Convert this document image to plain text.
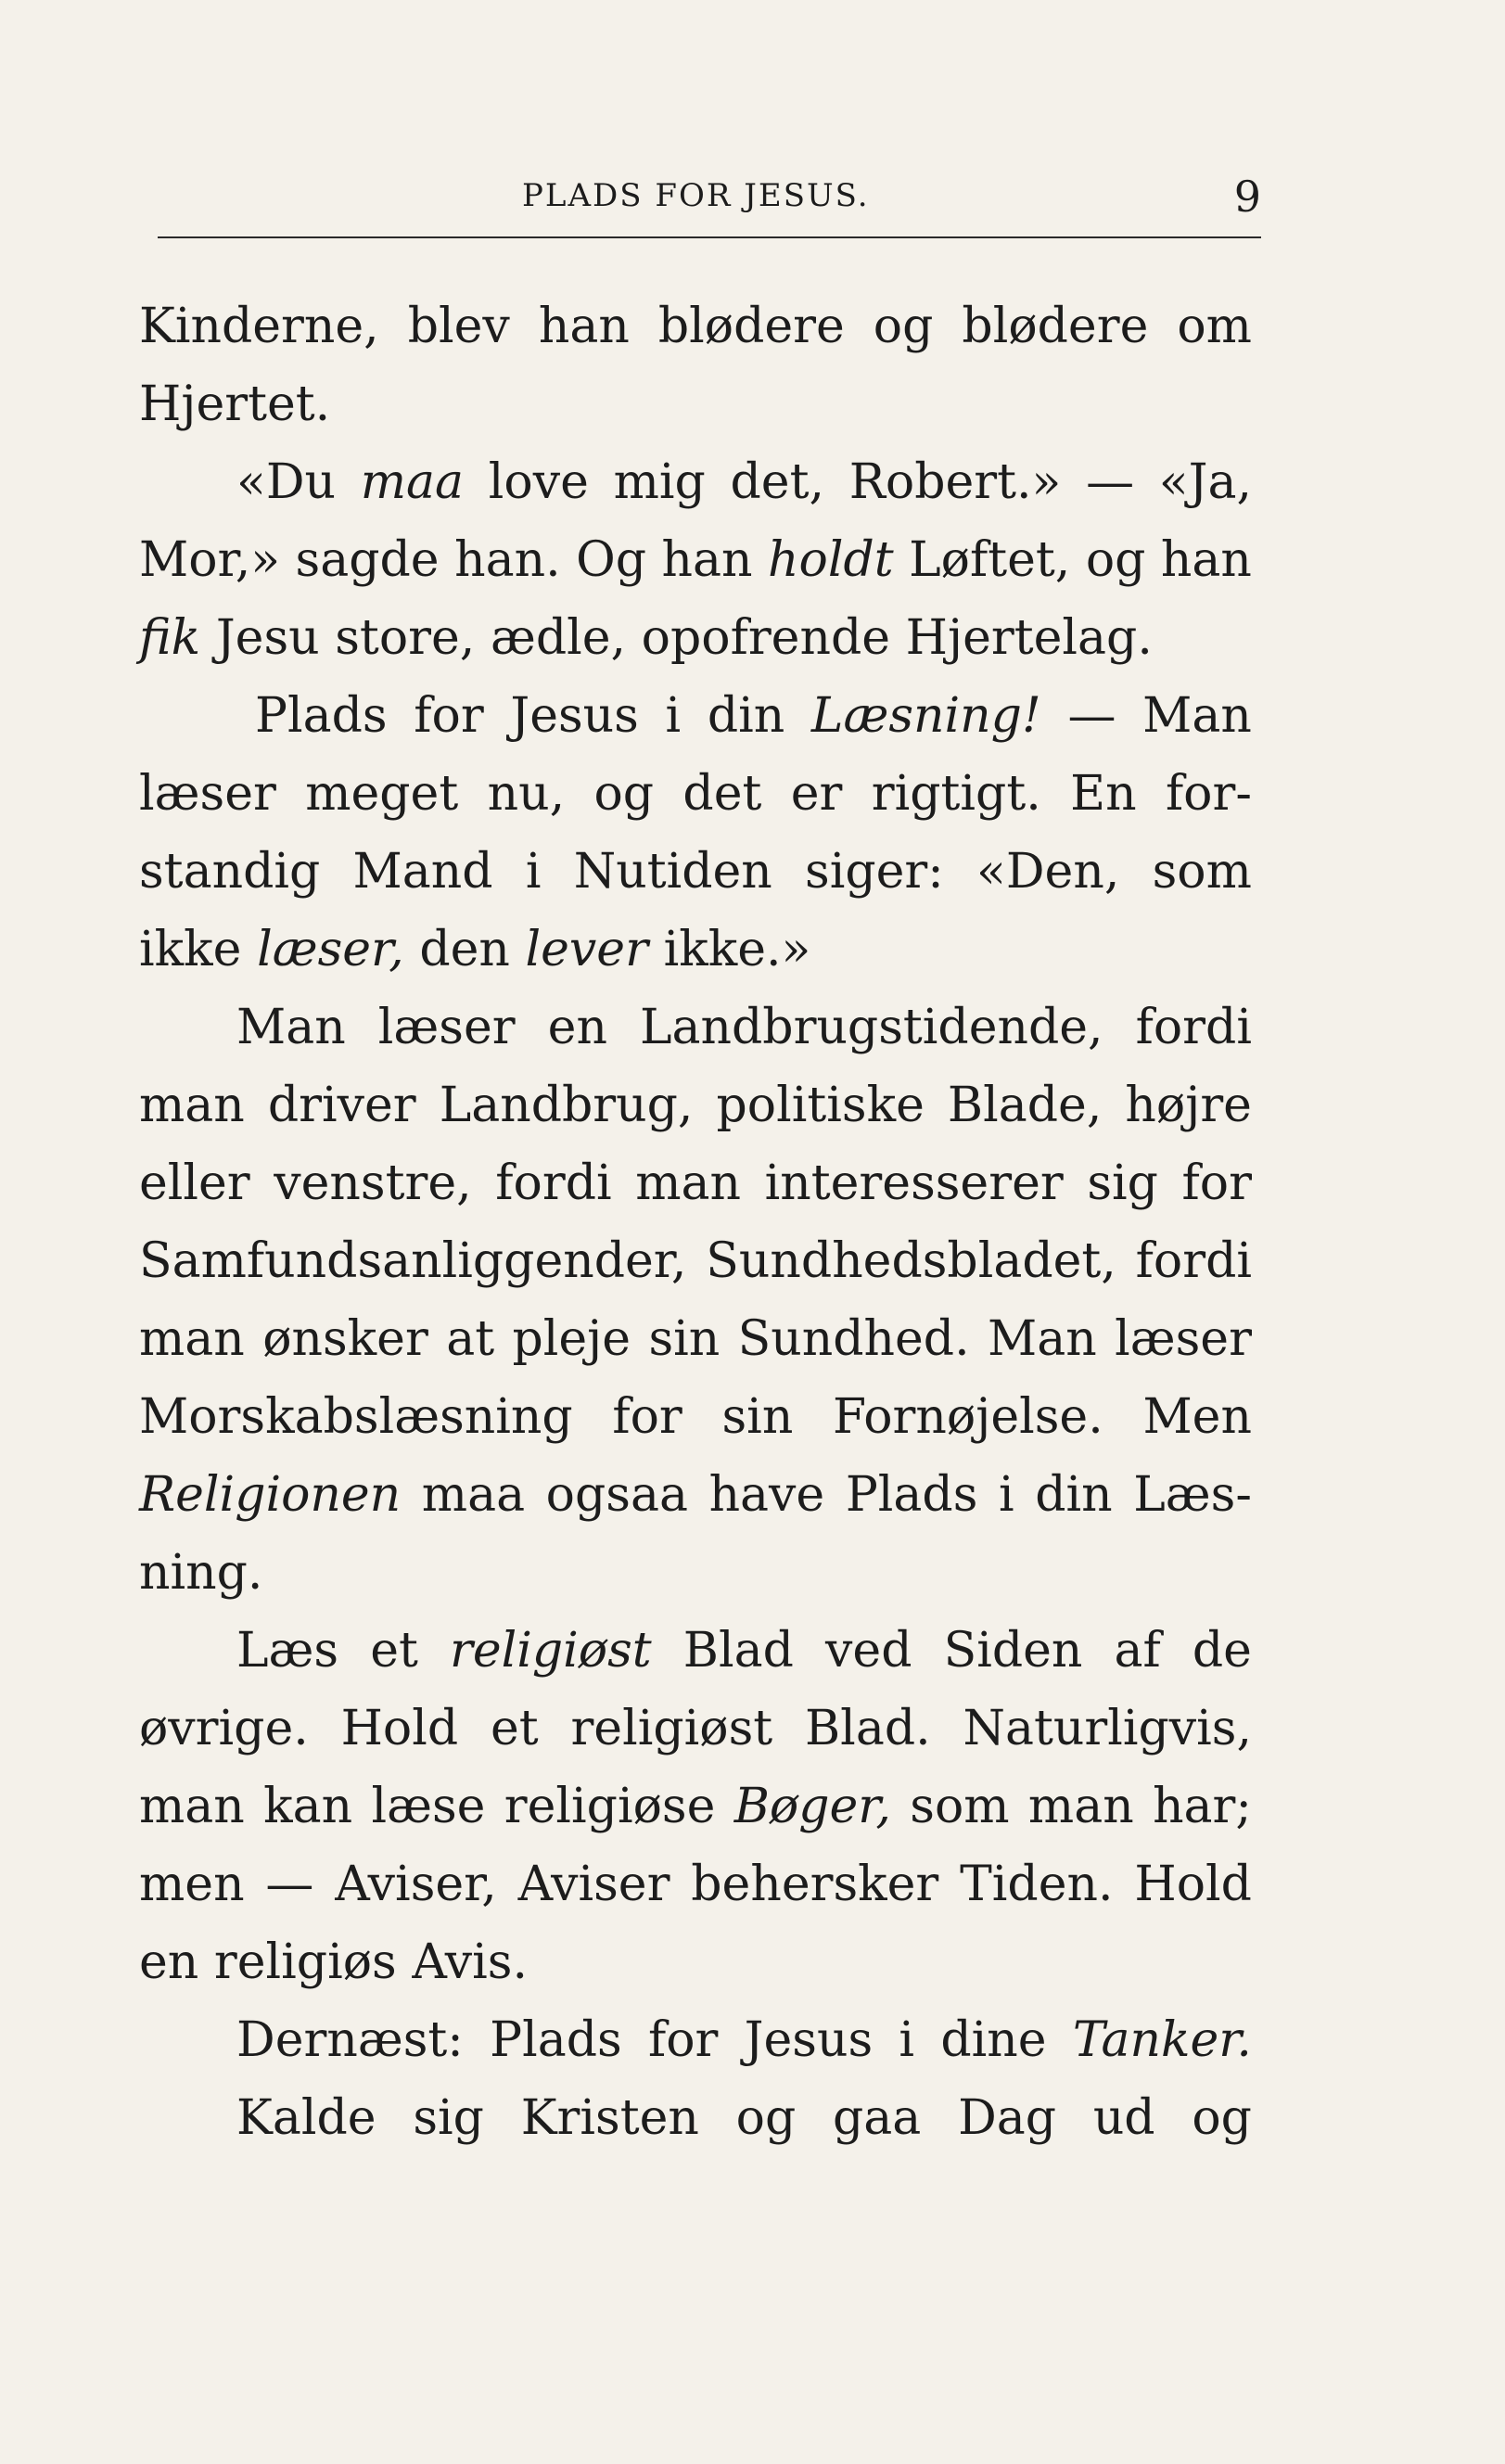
PLADS FOR JESUS.	9
Kinderne, blev han blødere og blødere om
Hjertet.
«Du maa love mig det, Robert.» — «Ja,
Mor,» sagde han. Og han holdt Løftet, og han
fik Jesu store, ædle, opofrende Hjertelag.
Plads for Jesus i din Læsning! — Man
læser meget nu, og det er rigtigt. En for-
standig Mand i Nutiden siger: «Den, som
ikke læser, den lever ikke.»
Man læser en Landbrugstidende, fordi
man driver Landbrug, politiske Blade, højre
eller venstre, fordi man interesserer sig for
Samfundsanliggender, Sundhedsbladet, fordi
man ønsker at pleje sin Sundhed. Man læser
Morskabslæsning for sin Fornøjelse. Men
Religionen maa ogsaa have Plads i din Læs-
ning.
Læs et religiøst Blad ved Siden af de
øvrige. Hold et religiøst Blad. Naturligvis,
man kan læse religiøse Bøger, som man har;
men — Aviser, Aviser behersker Tiden. Hold
en religiøs Avis.
Dernæst: Plads for Jesus i dine Tanker.
Kalde sig Kristen og gaa Dag ud og
